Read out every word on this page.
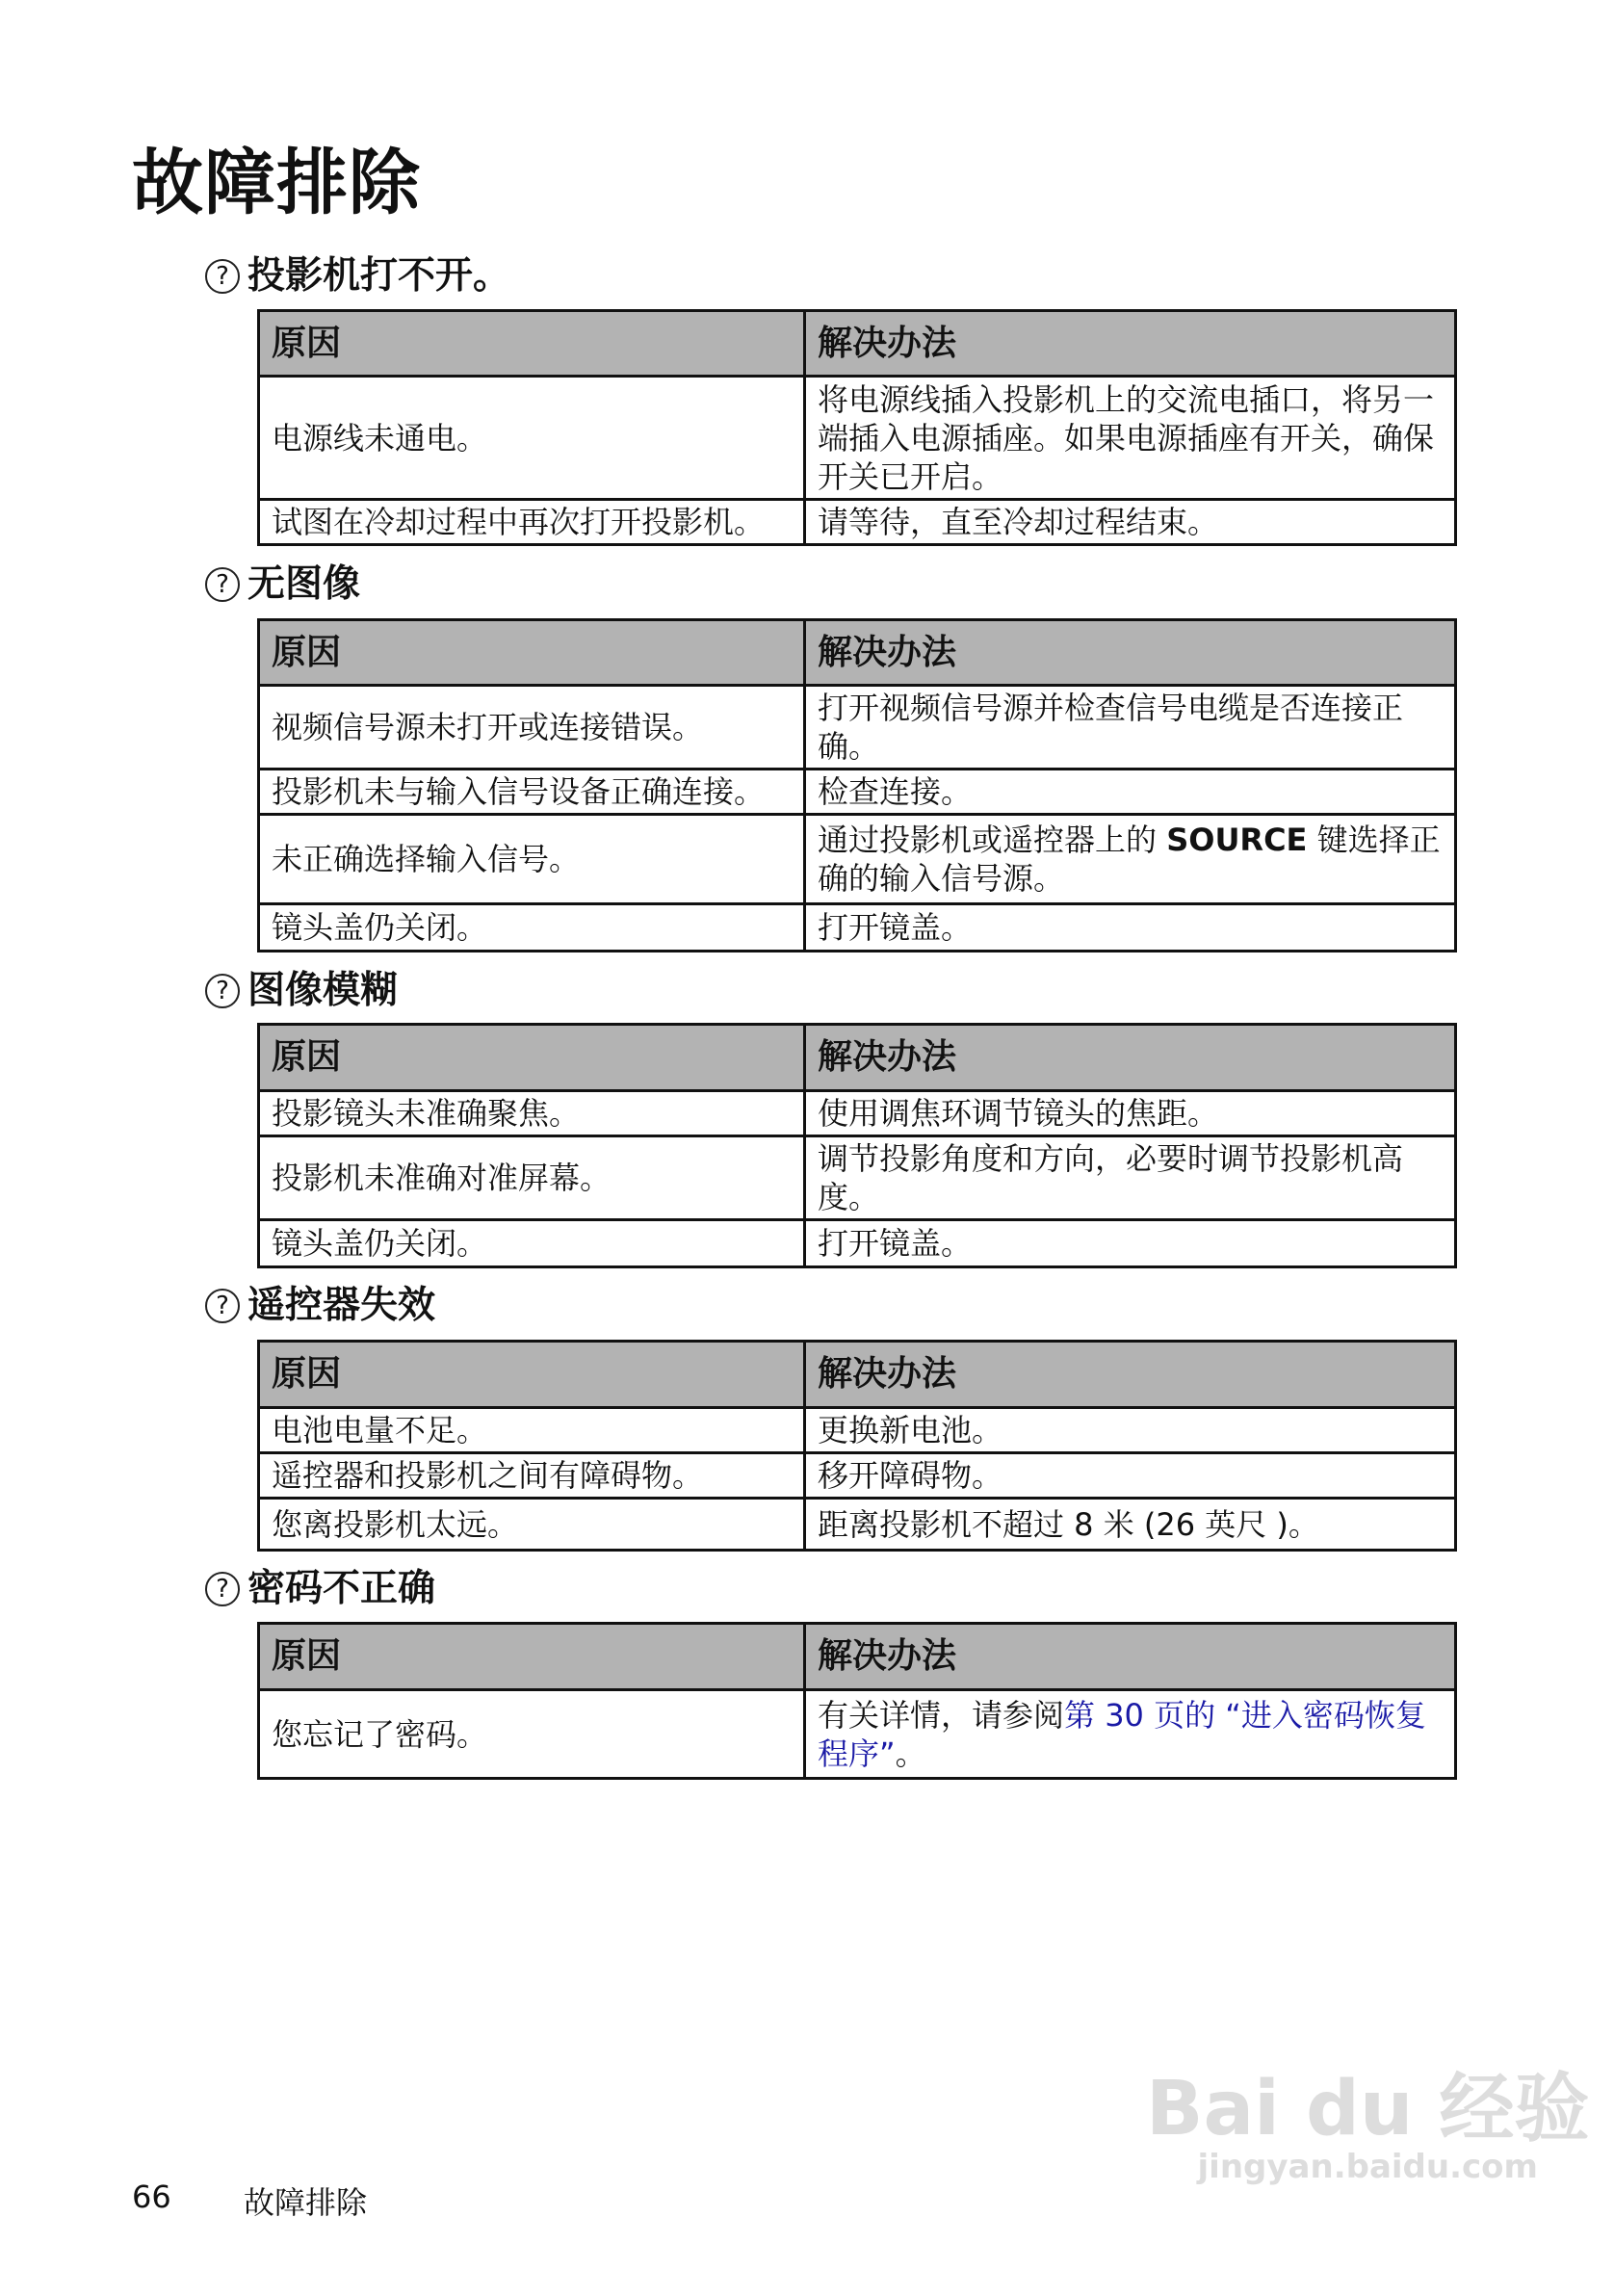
故障排除
? 投影机打不开。
原因	解决办法
电源线未通电。	将电源线插入投影机上的交流电插口，将另一端插入电源插座。如果电源插座有开关，确保开关已开启。
试图在冷却过程中再次打开投影机。	请等待，直至冷却过程结束。
? 无图像
原因	解决办法
视频信号源未打开或连接错误。	打开视频信号源并检查信号电缆是否连接正确。
投影机未与输入信号设备正确连接。	检查连接。
未正确选择输入信号。	通过投影机或遥控器上的 SOURCE 键选择正确的输入信号源。
镜头盖仍关闭。	打开镜盖。
? 图像模糊
原因	解决办法
投影镜头未准确聚焦。	使用调焦环调节镜头的焦距。
投影机未准确对准屏幕。	调节投影角度和方向，必要时调节投影机高度。
镜头盖仍关闭。	打开镜盖。
? 遥控器失效
原因	解决办法
电池电量不足。	更换新电池。
遥控器和投影机之间有障碍物。	移开障碍物。
您离投影机太远。	距离投影机不超过 8 米 (26 英尺 )。
? 密码不正确
原因	解决办法
您忘记了密码。	有关详情，请参阅第 30 页的 “进入密码恢复程序”。
66 故障排除
Bai du 经验
jingyan.baidu.com
